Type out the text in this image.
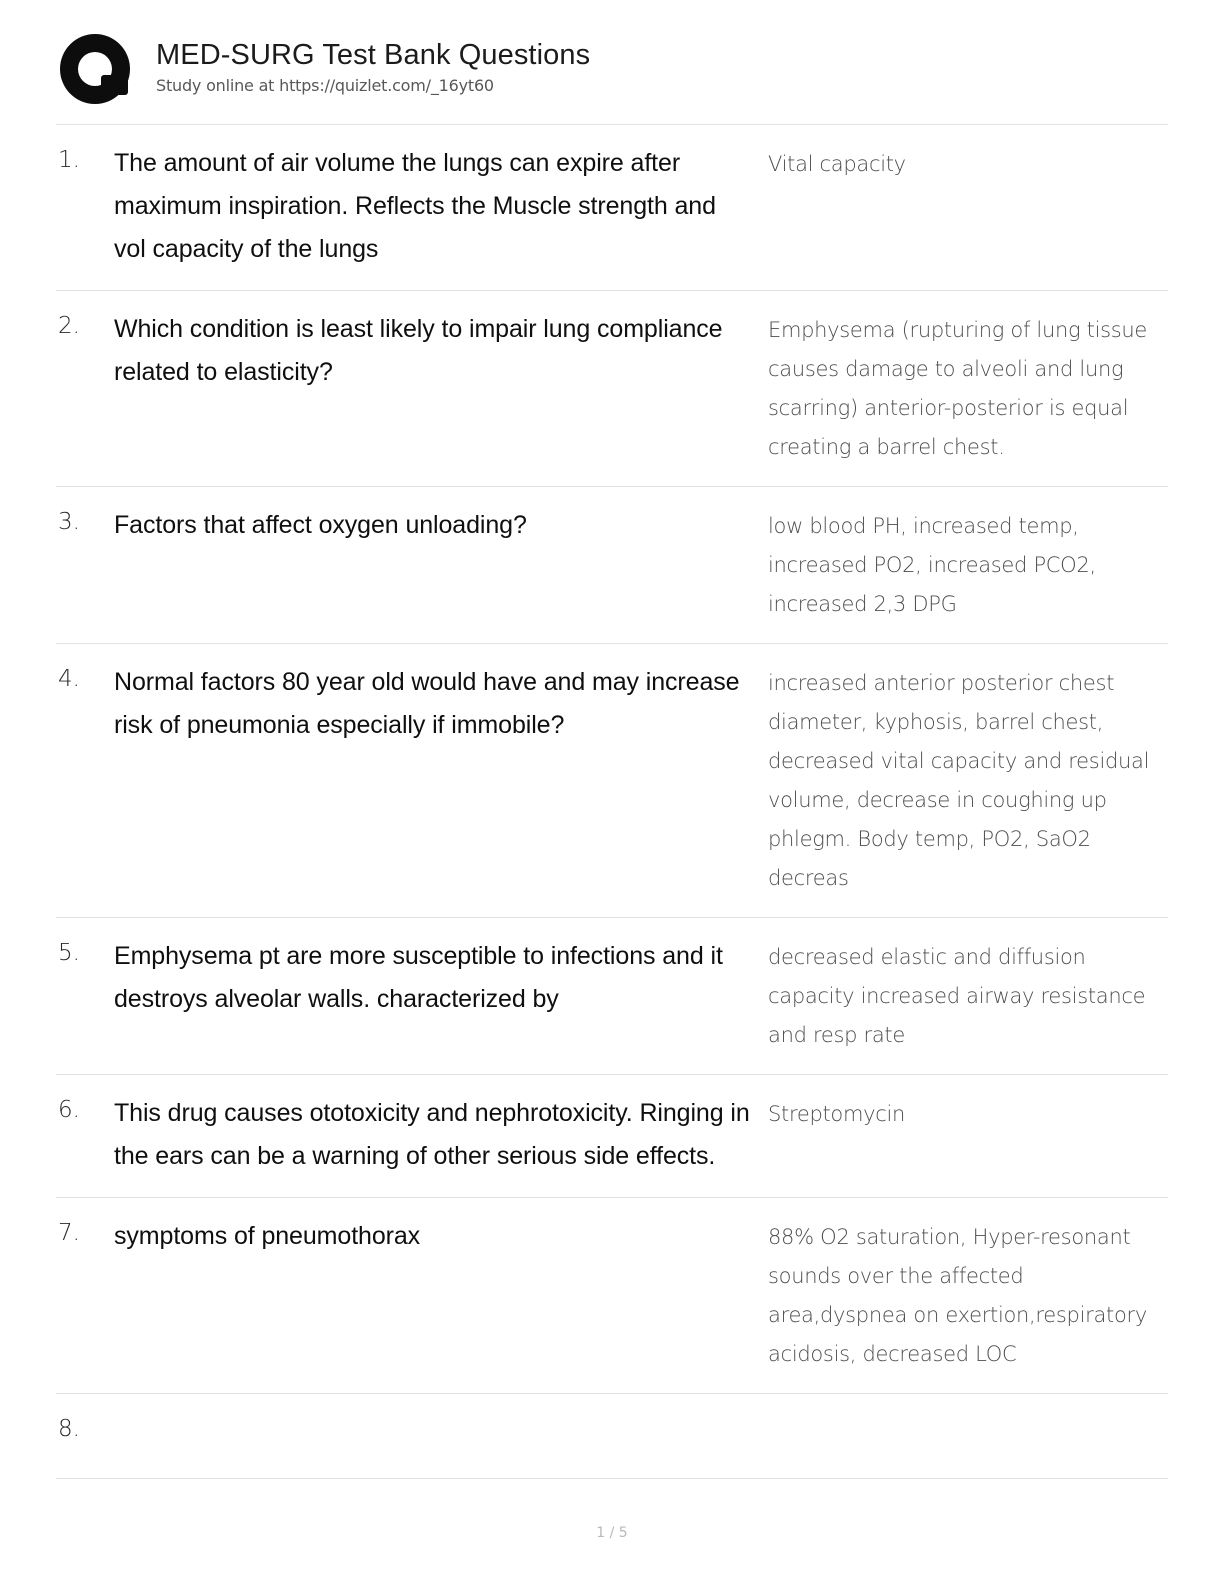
MED-SURG Test Bank Questions
Study online at https://quizlet.com/_16yt60
1.	The amount of air volume the lungs can expire after maximum inspiration. Reflects the Muscle strength and vol capacity of the lungs	Vital capacity
2.	Which condition is least likely to impair lung compliance related to elasticity?	Emphysema (rupturing of lung tissue causes damage to alveoli and lung scarring) anterior-posterior is equal creating a barrel chest.
3.	Factors that affect oxygen unloading?	low blood PH, increased temp, increased PO2, increased PCO2, increased 2,3 DPG
4.	Normal factors 80 year old would have and may increase risk of pneumonia especially if immobile?	increased anterior posterior chest diameter, kyphosis, barrel chest, decreased vital capacity and residual volume, decrease in coughing up phlegm. Body temp, PO2, SaO2 decreas
5.	Emphysema pt are more susceptible to infections and it destroys alveolar walls. characterized by	decreased elastic and diffusion capacity increased airway resistance and resp rate
6.	This drug causes ototoxicity and nephrotoxicity. Ringing in the ears can be a warning of other serious side effects.	Streptomycin
7.	symptoms of pneumothorax	88% O2 saturation, Hyper-resonant sounds over the affected area,dyspnea on exertion,respiratory acidosis, decreased LOC
8.		
1 / 5
